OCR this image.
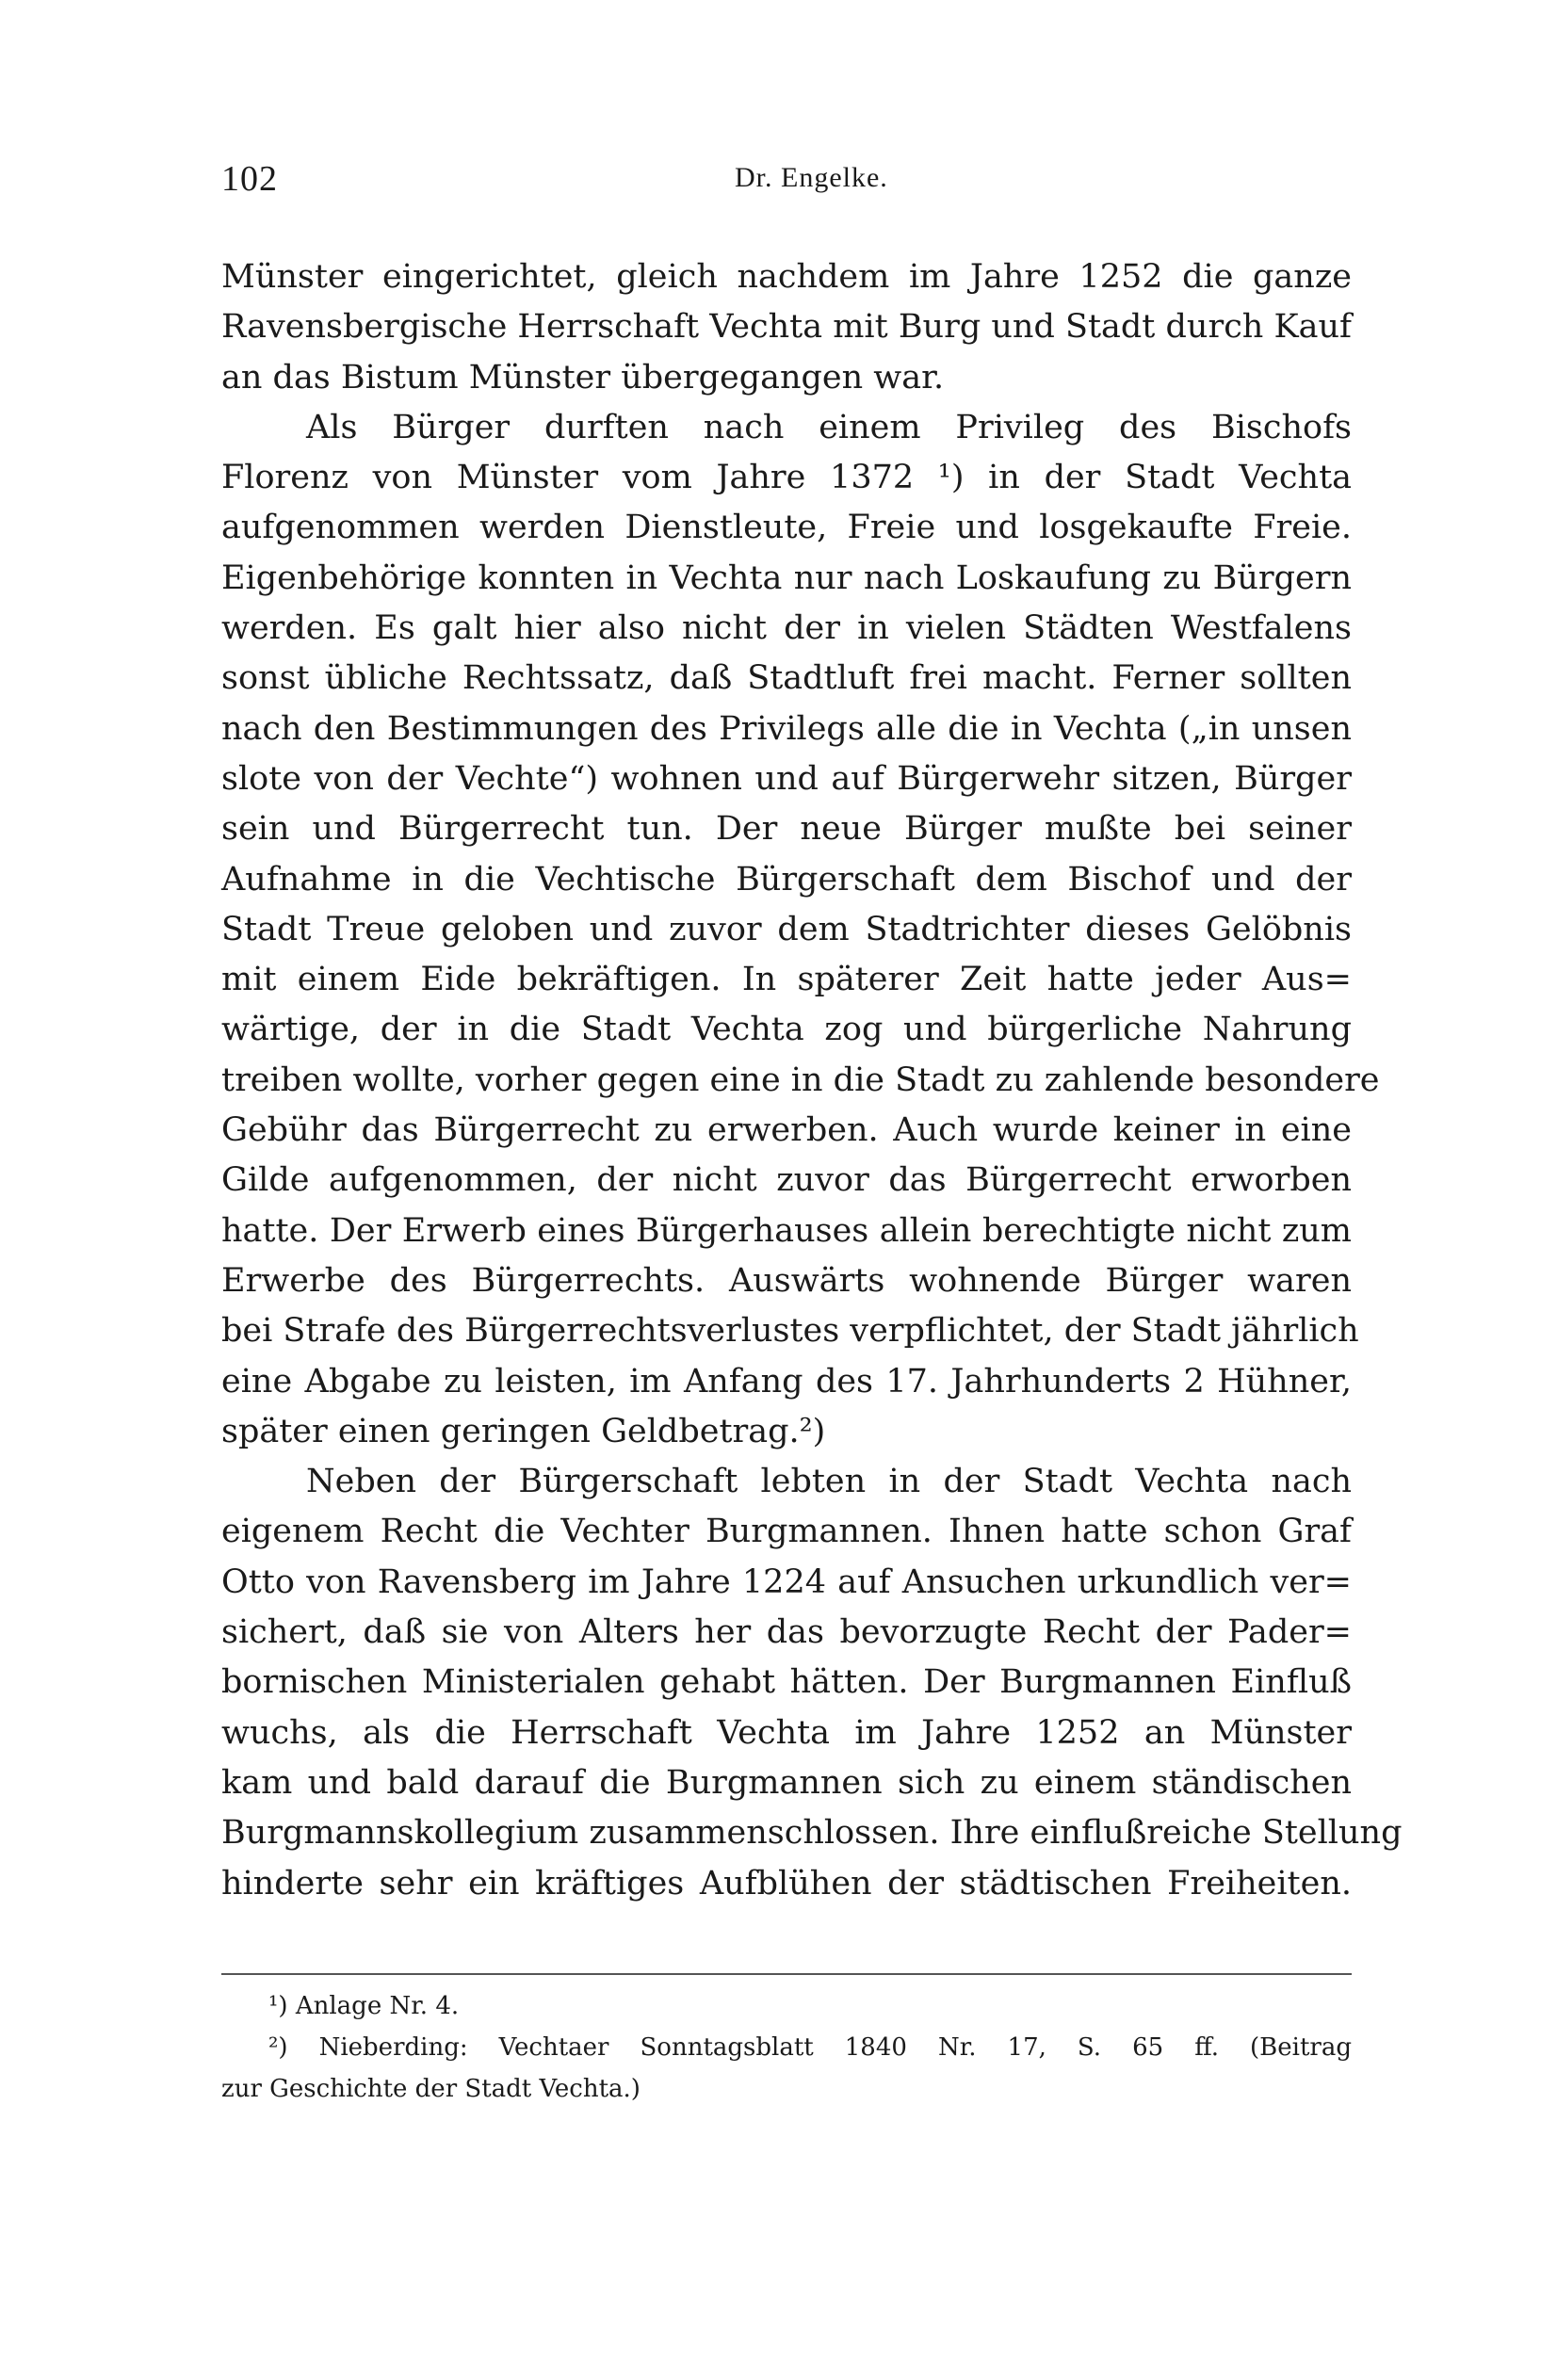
102	Dr. Engelke.
Münster eingerichtet, gleich nachdem im Jahre 1252 die ganze
Ravensbergische Herrschaft Vechta mit Burg und Stadt durch Kauf
an das Bistum Münster übergegangen war.
Als Bürger durften nach einem Privileg des Bischofs
Florenz von Münster vom Jahre 1372 ¹) in der Stadt Vechta
aufgenommen werden Dienstleute, Freie und losgekaufte Freie.
Eigenbehörige konnten in Vechta nur nach Loskaufung zu Bürgern
werden. Es galt hier also nicht der in vielen Städten Westfalens
sonst übliche Rechtssatz, daß Stadtluft frei macht. Ferner sollten
nach den Bestimmungen des Privilegs alle die in Vechta („in unsen
slote von der Vechte“) wohnen und auf Bürgerwehr sitzen, Bürger
sein und Bürgerrecht tun. Der neue Bürger mußte bei seiner
Aufnahme in die Vechtische Bürgerschaft dem Bischof und der
Stadt Treue geloben und zuvor dem Stadtrichter dieses Gelöbnis
mit einem Eide bekräftigen. In späterer Zeit hatte jeder Aus=
wärtige, der in die Stadt Vechta zog und bürgerliche Nahrung
treiben wollte, vorher gegen eine in die Stadt zu zahlende besondere
Gebühr das Bürgerrecht zu erwerben. Auch wurde keiner in eine
Gilde aufgenommen, der nicht zuvor das Bürgerrecht erworben
hatte. Der Erwerb eines Bürgerhauses allein berechtigte nicht zum
Erwerbe des Bürgerrechts. Auswärts wohnende Bürger waren
bei Strafe des Bürgerrechtsverlustes verpflichtet, der Stadt jährlich
eine Abgabe zu leisten, im Anfang des 17. Jahrhunderts 2 Hühner,
später einen geringen Geldbetrag.²)
Neben der Bürgerschaft lebten in der Stadt Vechta nach
eigenem Recht die Vechter Burgmannen. Ihnen hatte schon Graf
Otto von Ravensberg im Jahre 1224 auf Ansuchen urkundlich ver=
sichert, daß sie von Alters her das bevorzugte Recht der Pader=
bornischen Ministerialen gehabt hätten. Der Burgmannen Einfluß
wuchs, als die Herrschaft Vechta im Jahre 1252 an Münster
kam und bald darauf die Burgmannen sich zu einem ständischen
Burgmannskollegium zusammenschlossen. Ihre einflußreiche Stellung
hinderte sehr ein kräftiges Aufblühen der städtischen Freiheiten.
¹) Anlage Nr. 4.
²) Nieberding: Vechtaer Sonntagsblatt 1840 Nr. 17, S. 65 ff. (Beitrag
zur Geschichte der Stadt Vechta.)
